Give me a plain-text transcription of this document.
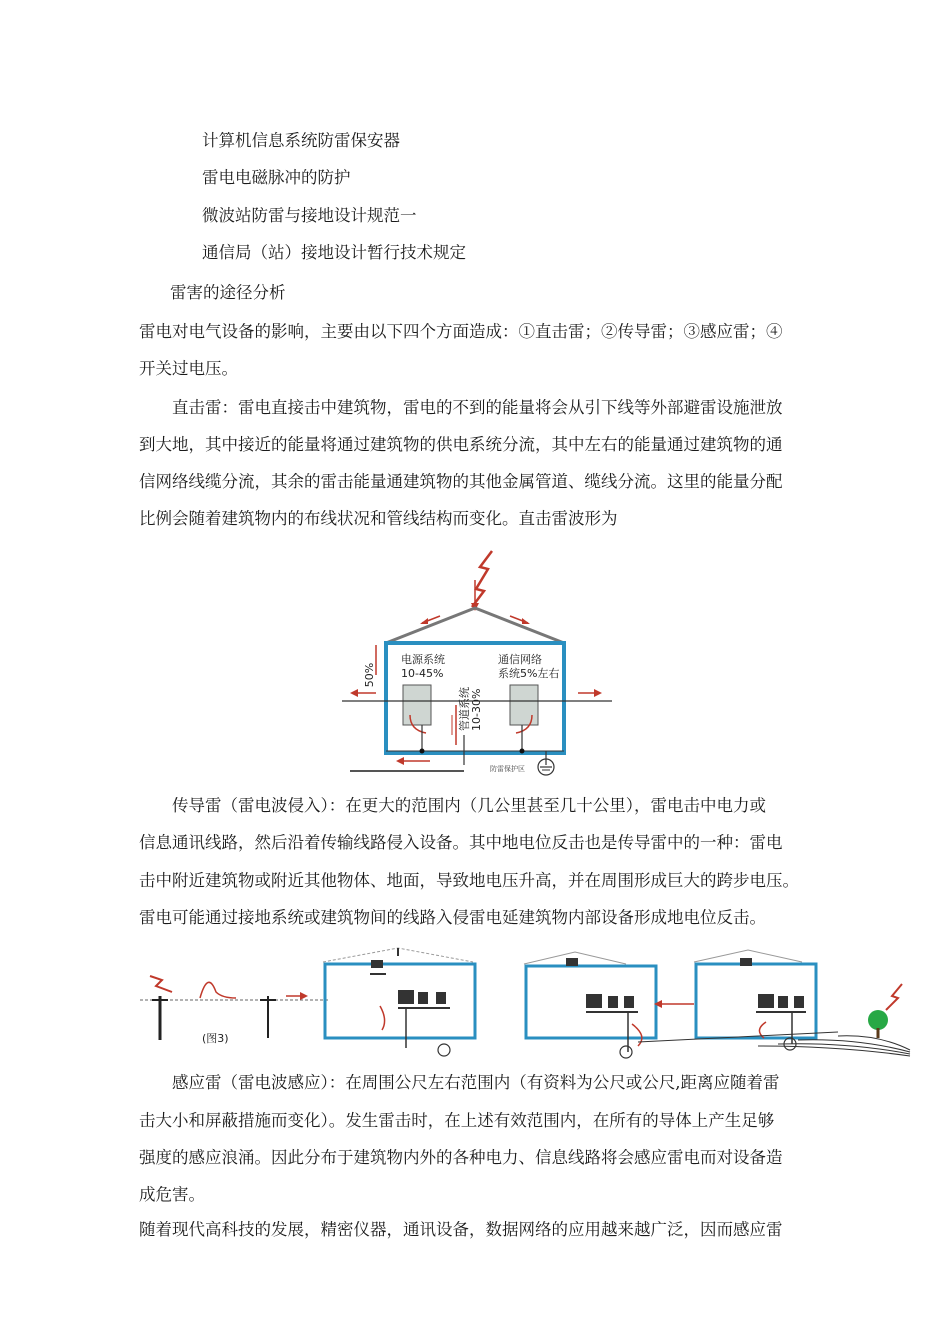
计算机信息系统防雷保安器
雷电电磁脉冲的防护
微波站防雷与接地设计规范一
通信局（站）接地设计暂行技术规定
雷害的途径分析
雷电对电气设备的影响，主要由以下四个方面造成：①直击雷；②传导雷；③感应雷；④
开关过电压。
直击雷：雷电直接击中建筑物，雷电的不到的能量将会从引下线等外部避雷设施泄放
到大地，其中接近的能量将通过建筑物的供电系统分流，其中左右的能量通过建筑物的通
信网络线缆分流，其余的雷击能量通建筑物的其他金属管道、缆线分流。这里的能量分配
比例会随着建筑物内的布线状况和管线结构而变化。直击雷波形为
50%
电源系统
10-45%
通信网络
系统5%左右
管道系统 10-30%
防雷保护区
传导雷（雷电波侵入）：在更大的范围内（几公里甚至几十公里），雷电击中电力或
信息通讯线路，然后沿着传输线路侵入设备。其中地电位反击也是传导雷中的一种：雷电
击中附近建筑物或附近其他物体、地面，导致地电压升高，并在周围形成巨大的跨步电压。
雷电可能通过接地系统或建筑物间的线路入侵雷电延建筑物内部设备形成地电位反击。
(图3)
感应雷（雷电波感应）：在周围公尺左右范围内（有资料为公尺或公尺,距离应随着雷
击大小和屏蔽措施而变化）。发生雷击时，在上述有效范围内，在所有的导体上产生足够
强度的感应浪涌。因此分布于建筑物内外的各种电力、信息线路将会感应雷电而对设备造
成危害。
随着现代高科技的发展，精密仪器，通讯设备，数据网络的应用越来越广泛，因而感应雷
